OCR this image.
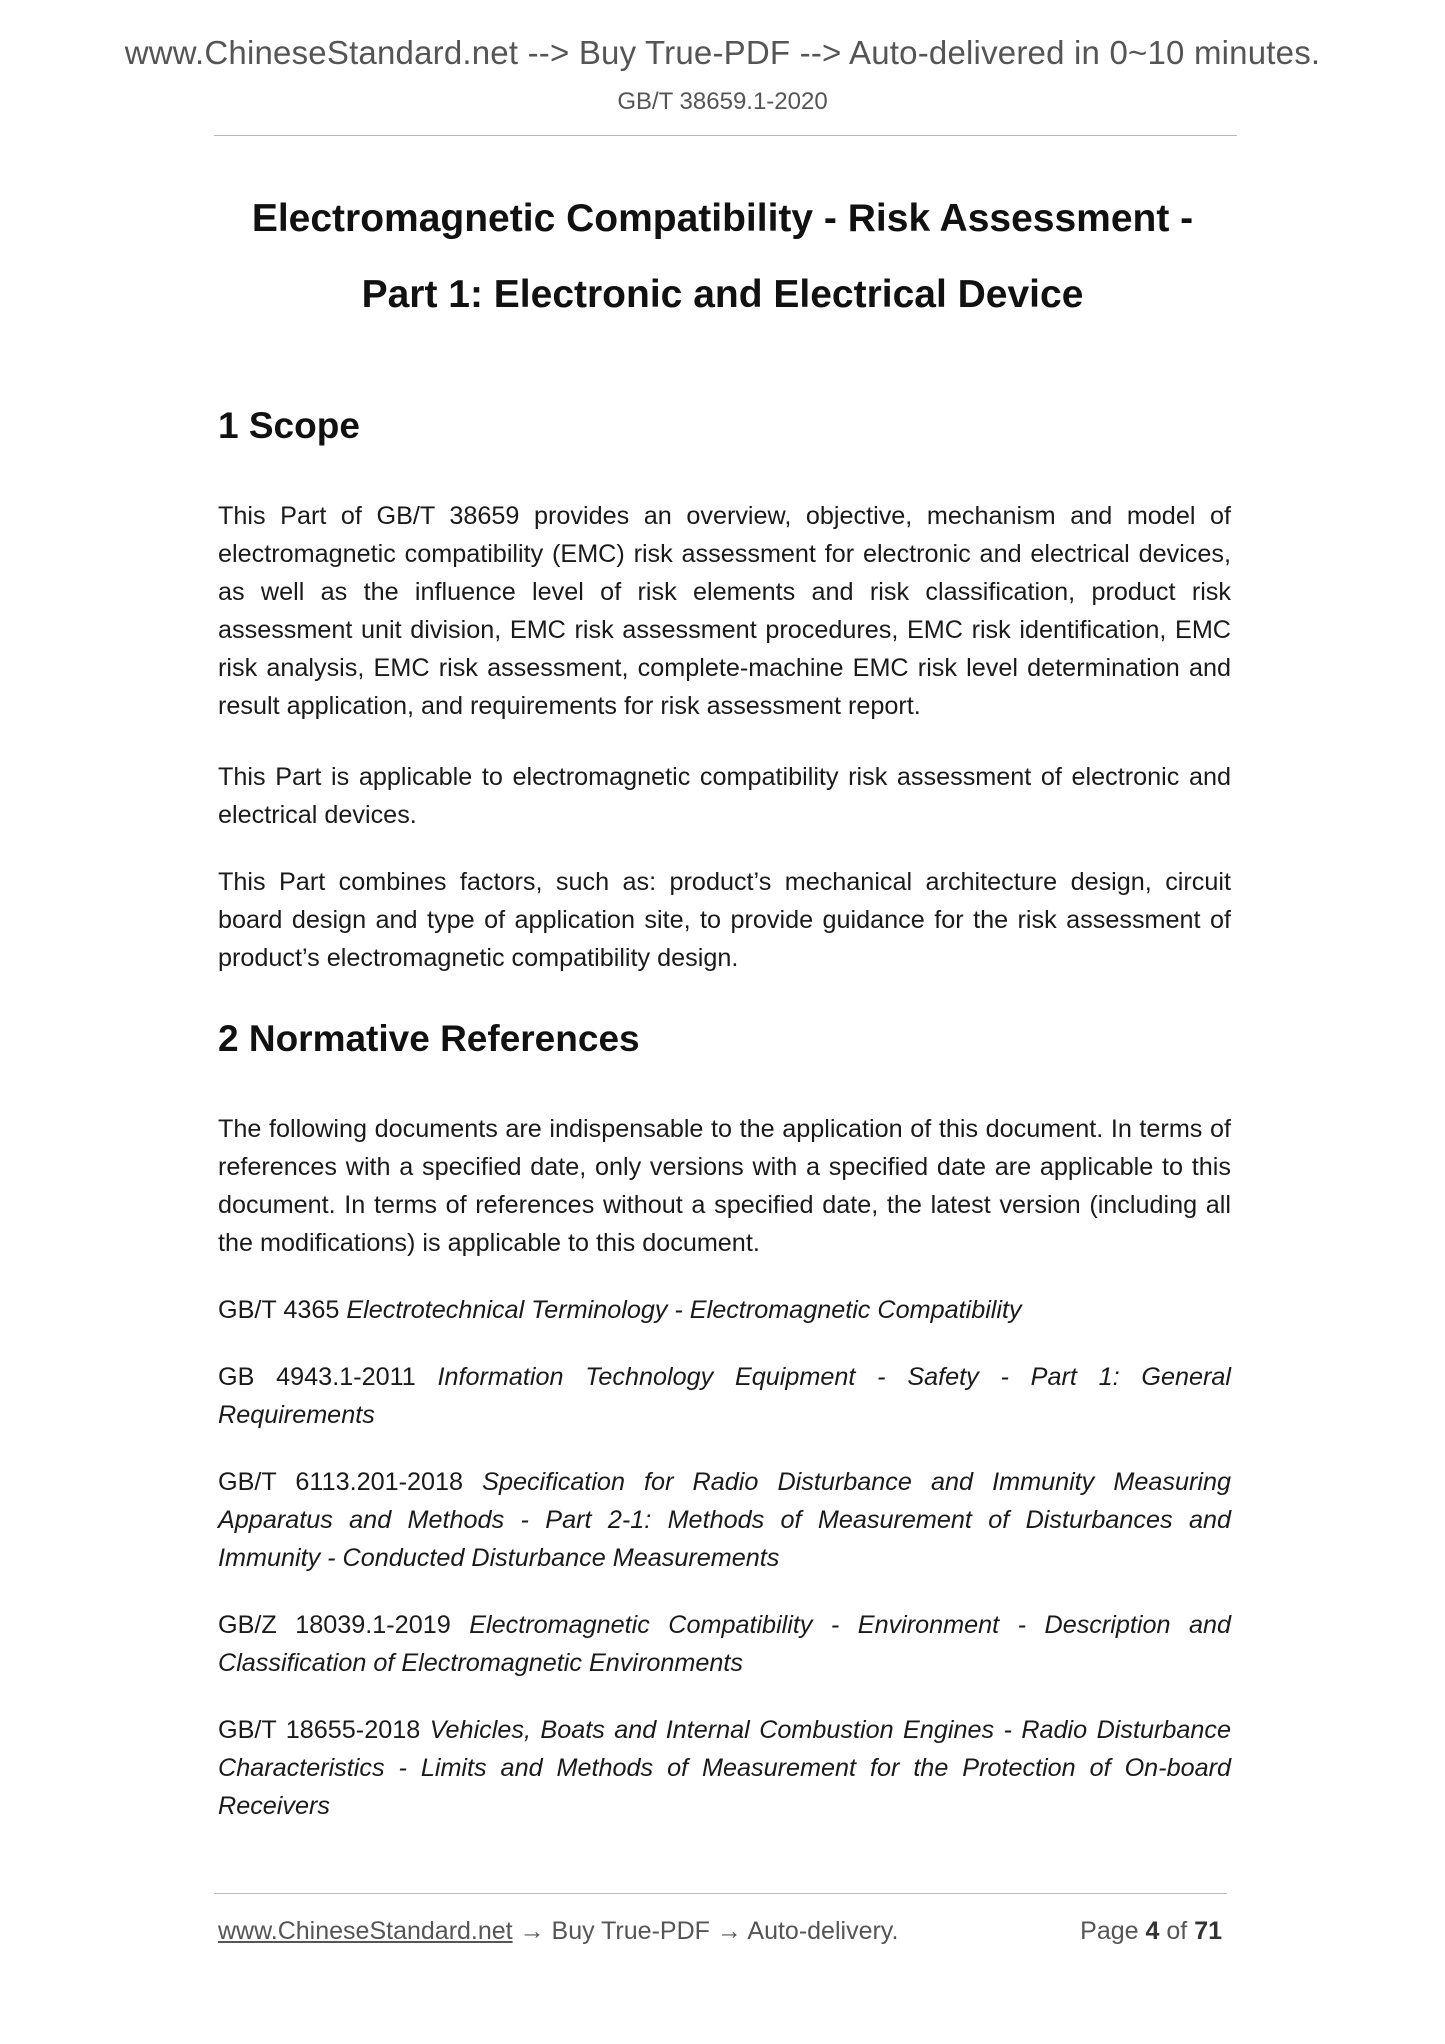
www.ChineseStandard.net --> Buy True-PDF --> Auto-delivered in 0~10 minutes.
GB/T 38659.1-2020
Electromagnetic Compatibility - Risk Assessment -
Part 1: Electronic and Electrical Device
1 Scope

This Part of GB/T 38659 provides an overview, objective, mechanism and model of electromagnetic compatibility (EMC) risk assessment for electronic and electrical devices, as well as the influence level of risk elements and risk classification, product risk assessment unit division, EMC risk assessment procedures, EMC risk identification, EMC risk analysis, EMC risk assessment, complete-machine EMC risk level determination and result application, and requirements for risk assessment report.

This Part is applicable to electromagnetic compatibility risk assessment of electronic and electrical devices.

This Part combines factors, such as: product’s mechanical architecture design, circuit board design and type of application site, to provide guidance for the risk assessment of product’s electromagnetic compatibility design.

2 Normative References

The following documents are indispensable to the application of this document. In terms of references with a specified date, only versions with a specified date are applicable to this document. In terms of references without a specified date, the latest version (including all the modifications) is applicable to this document.

GB/T 4365 Electrotechnical Terminology - Electromagnetic Compatibility

GB 4943.1-2011 Information Technology Equipment - Safety - Part 1: General Requirements

GB/T 6113.201-2018 Specification for Radio Disturbance and Immunity Measuring Apparatus and Methods - Part 2-1: Methods of Measurement of Disturbances and Immunity - Conducted Disturbance Measurements

GB/Z 18039.1-2019 Electromagnetic Compatibility - Environment - Description and Classification of Electromagnetic Environments

GB/T 18655-2018 Vehicles, Boats and Internal Combustion Engines - Radio Disturbance Characteristics - Limits and Methods of Measurement for the Protection of On-board Receivers

www.ChineseStandard.net → Buy True-PDF → Auto-delivery.	Page 4 of 71
